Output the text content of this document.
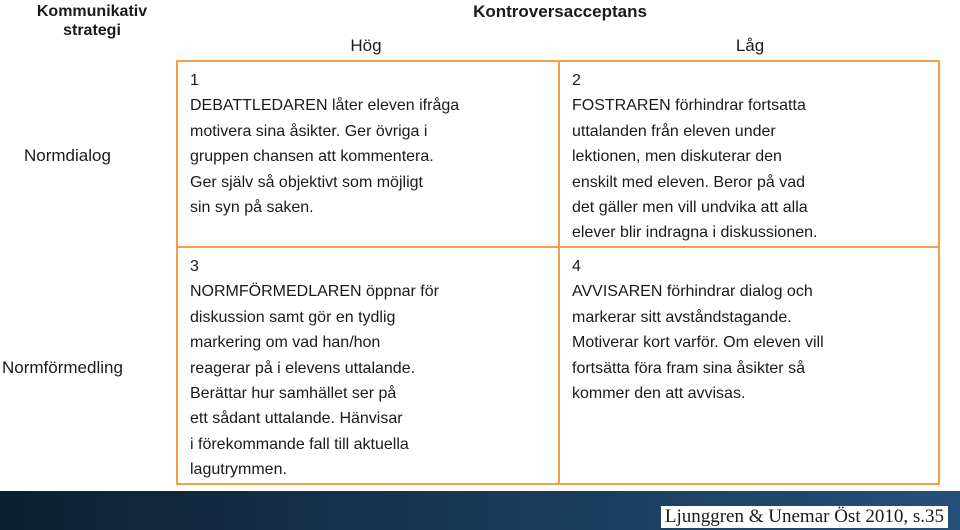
Kommunikativ
strategi
Kontroversacceptans
Hög	Låg
Normdialog
Normförmedling
1
DEBATTLEDAREN låter eleven ifråga
motivera sina åsikter. Ger övriga i
gruppen chansen att kommentera.
Ger själv så objektivt som möjligt
sin syn på saken.
2
FOSTRAREN förhindrar fortsatta
uttalanden från eleven under
lektionen, men diskuterar den
enskilt med eleven. Beror på vad
det gäller men vill undvika att alla
elever blir indragna i diskussionen.
3
NORMFÖRMEDLAREN öppnar för
diskussion samt gör en tydlig
markering om vad han/hon
reagerar på i elevens uttalande.
Berättar hur samhället ser på
ett sådant uttalande. Hänvisar
i förekommande fall till aktuella
lagutrymmen.
4
AVVISAREN förhindrar dialog och
markerar sitt avståndstagande.
Motiverar kort varför. Om eleven vill
fortsätta föra fram sina åsikter så
kommer den att avvisas.
Ljunggren & Unemar Öst 2010, s.35
